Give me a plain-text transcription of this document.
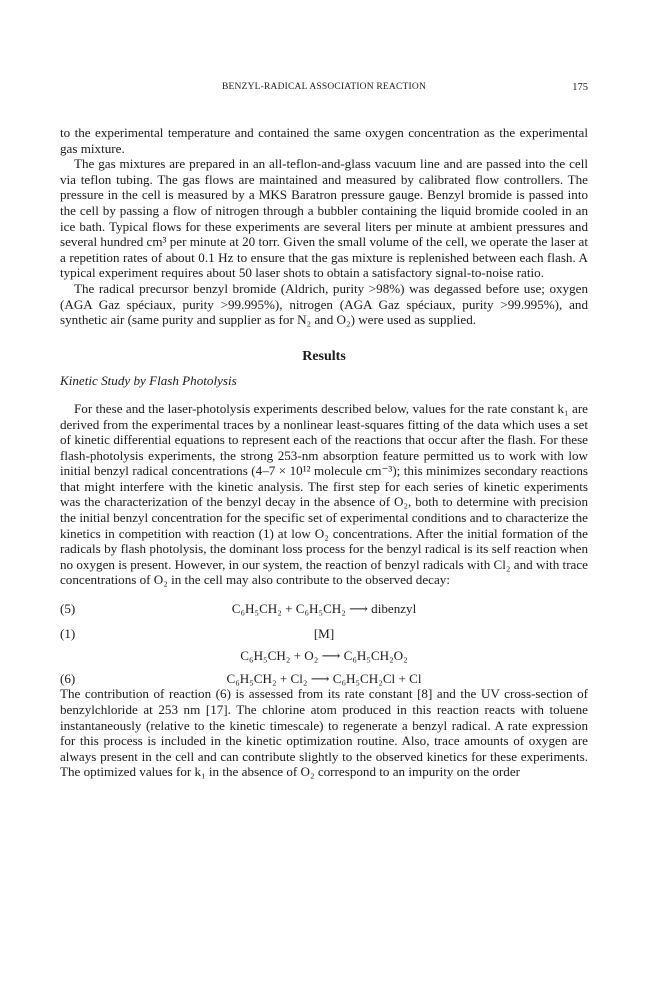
BENZYL-RADICAL ASSOCIATION REACTION	175

to the experimental temperature and contained the same oxygen concentration as the experimental gas mixture.

The gas mixtures are prepared in an all-teflon-and-glass vacuum line and are passed into the cell via teflon tubing. The gas flows are maintained and measured by calibrated flow controllers. The pressure in the cell is measured by a MKS Baratron pressure gauge. Benzyl bromide is passed into the cell by passing a flow of nitrogen through a bubbler containing the liquid bromide cooled in an ice bath. Typical flows for these experiments are several liters per minute at ambient pressures and several hundred cm³ per minute at 20 torr. Given the small volume of the cell, we operate the laser at a repetition rates of about 0.1 Hz to ensure that the gas mixture is replenished between each flash. A typical experiment requires about 50 laser shots to obtain a satisfactory signal-to-noise ratio.

The radical precursor benzyl bromide (Aldrich, purity >98%) was degassed before use; oxygen (AGA Gaz spéciaux, purity >99.995%), nitrogen (AGA Gaz spéciaux, purity >99.995%), and synthetic air (same purity and supplier as for N₂ and O₂) were used as supplied.

Results
Kinetic Study by Flash Photolysis

For these and the laser-photolysis experiments described below, values for the rate constant k₁ are derived from the experimental traces by a nonlinear least-squares fitting of the data which uses a set of kinetic differential equations to represent each of the reactions that occur after the flash. For these flash-photolysis experiments, the strong 253-nm absorption feature permitted us to work with low initial benzyl radical concentrations (4–7 × 10¹² molecule cm⁻³); this minimizes secondary reactions that might interfere with the kinetic analysis. The first step for each series of kinetic experiments was the characterization of the benzyl decay in the absence of O₂, both to determine with precision the initial benzyl concentration for the specific set of experimental conditions and to characterize the kinetics in competition with reaction (1) at low O₂ concentrations. After the initial formation of the radicals by flash photolysis, the dominant loss process for the benzyl radical is its self reaction when no oxygen is present. However, in our system, the reaction of benzyl radicals with Cl₂ and with trace concentrations of O₂ in the cell may also contribute to the observed decay:

(5)	C₆H₅CH₂ + C₆H₅CH₂ ⟶ dibenzyl
(1)	[M]
C₆H₅CH₂ + O₂ ⟶ C₆H₅CH₂O₂
(6)	C₆H₅CH₂ + Cl₂ ⟶ C₆H₅CH₂Cl + Cl

The contribution of reaction (6) is assessed from its rate constant [8] and the UV cross-section of benzylchloride at 253 nm [17]. The chlorine atom produced in this reaction reacts with toluene instantaneously (relative to the kinetic timescale) to regenerate a benzyl radical. A rate expression for this process is included in the kinetic optimization routine. Also, trace amounts of oxygen are always present in the cell and can contribute slightly to the observed kinetics for these experiments. The optimized values for k₁ in the absence of O₂ correspond to an impurity on the order
